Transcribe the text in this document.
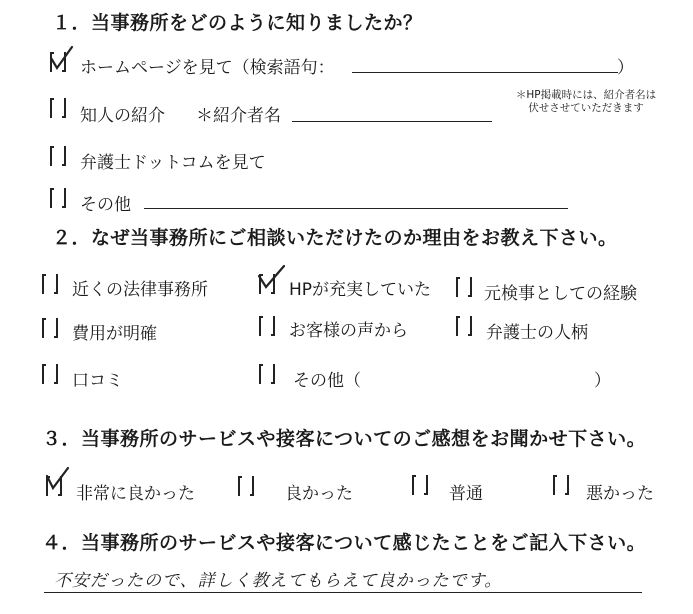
１．当事務所をどのように知りましたか？
ホームページを見て（検索語句：	）
知人の紹介 ＊紹介者名
＊HP掲載時には、紹介者名は
伏せさせていただきます
弁護士ドットコムを見て
その他
２．なぜ当事務所にご相談いただけたのか理由をお教え下さい。
近くの法律事務所	HPが充実していた	元検事としての経験
費用が明確	お客様の声から	弁護士の人柄
口コミ	その他（	）
３．当事務所のサービスや接客についてのご感想をお聞かせ下さい。
非常に良かった	良かった	普通	悪かった
４．当事務所のサービスや接客について感じたことをご記入下さい。
不安だったので、詳しく教えてもらえて良かったです。
